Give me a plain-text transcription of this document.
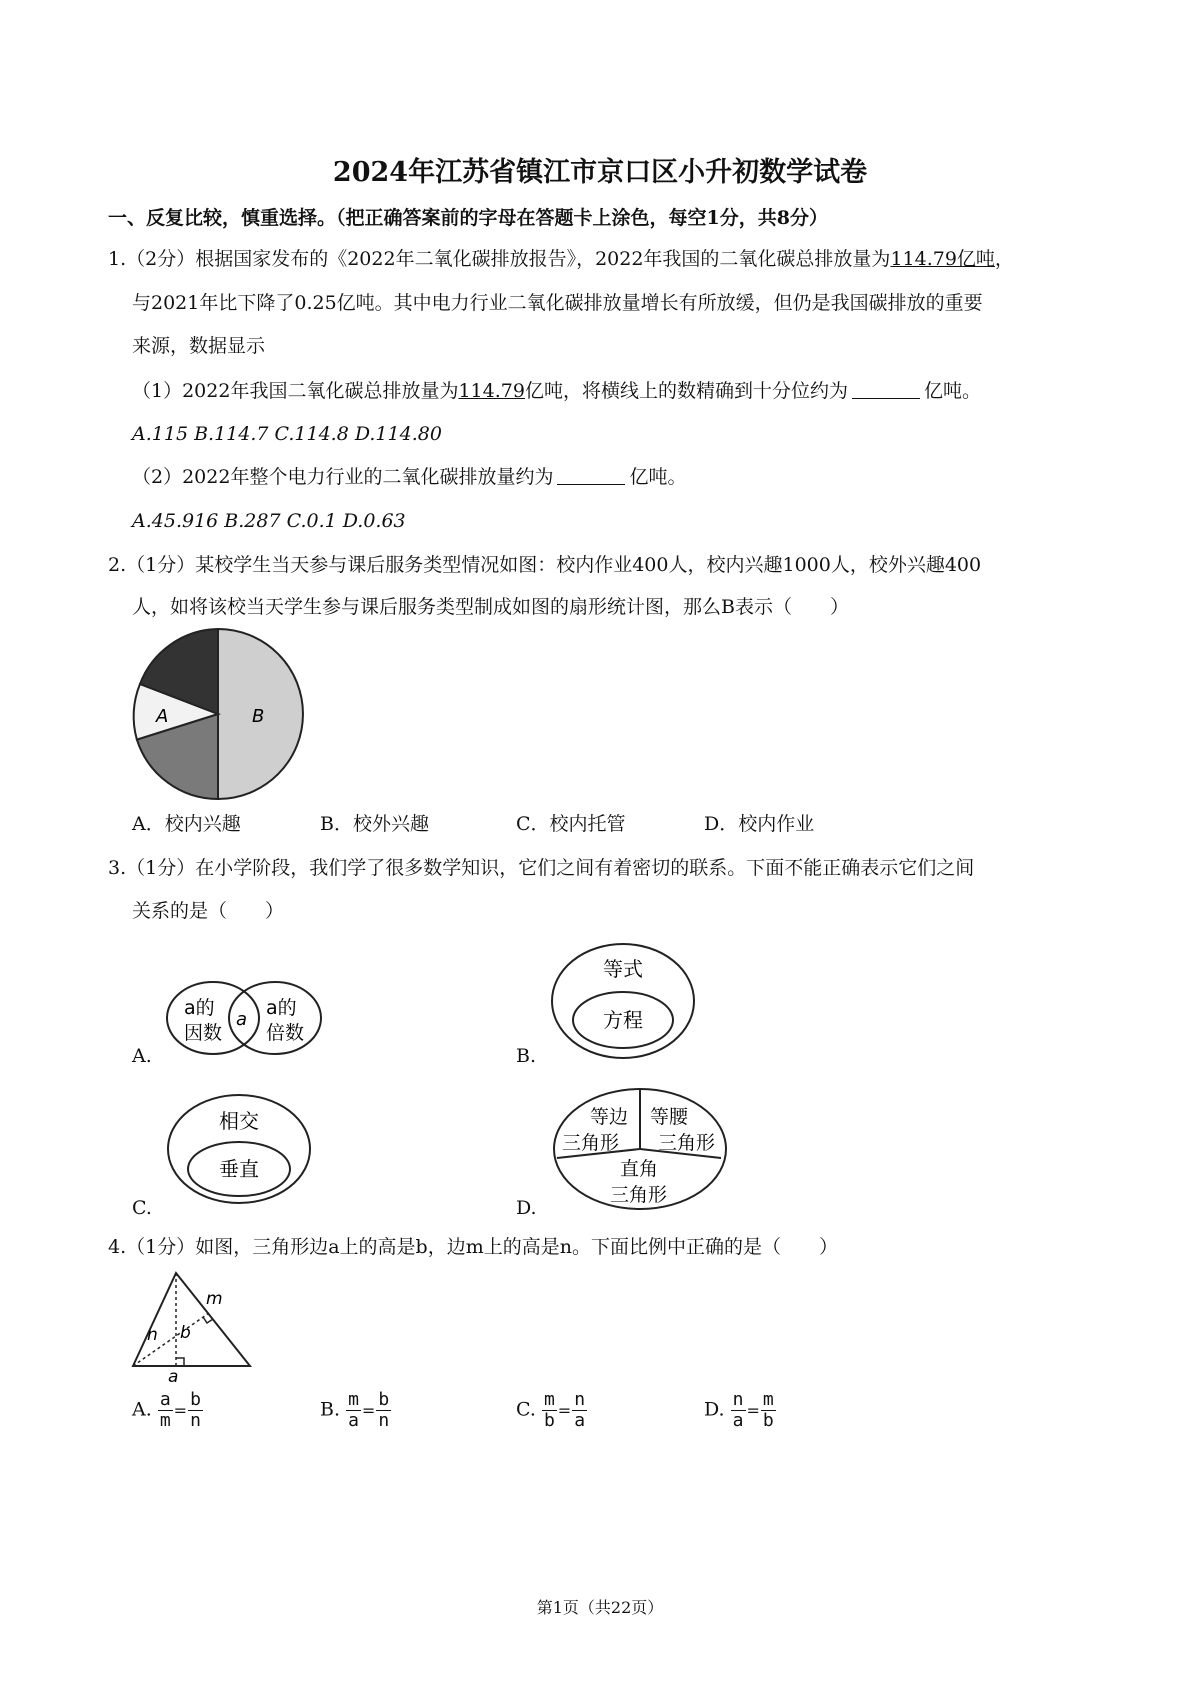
2024年江苏省镇江市京口区小升初数学试卷
一、反复比较，慎重选择。（把正确答案前的字母在答题卡上涂色，每空1分，共8分）
1.（2分）根据国家发布的《2022年二氧化碳排放报告》，2022年我国的二氧化碳总排放量为114.79亿吨，
与2021年比下降了0.25亿吨。其中电力行业二氧化碳排放量增长有所放缓，但仍是我国碳排放的重要
来源，数据显示
（1）2022年我国二氧化碳总排放量为114.79亿吨，将横线上的数精确到十分位约为	亿吨。
A.115 B.114.7 C.114.8 D.114.80
（2）2022年整个电力行业的二氧化碳排放量约为	亿吨。
A.45.916 B.287 C.0.1 D.0.63
2.（1分）某校学生当天参与课后服务类型情况如图：校内作业400人，校内兴趣1000人，校外兴趣400
人，如将该校当天学生参与课后服务类型制成如图的扇形统计图，那么B表示（　　）
A	B
A．校内兴趣	B．校外兴趣	C．校内托管	D．校内作业
3.（1分）在小学阶段，我们学了很多数学知识，它们之间有着密切的联系。下面不能正确表示它们之间
关系的是（　　）
A.
a的
因数
a
a的
倍数
B.
等式
方程
C.
相交
垂直
D.
等边
三角形
等腰
三角形
直角
三角形
4.（1分）如图，三角形边a上的高是b，边m上的高是n。下面比例中正确的是（　　）
m
n b
a
A. $\frac{a}{m} = \frac{b}{n}$	B. $\frac{m}{a} = \frac{b}{n}$	C. $\frac{m}{b} = \frac{n}{a}$	D. $\frac{n}{a} = \frac{m}{b}$
第1页（共22页）
